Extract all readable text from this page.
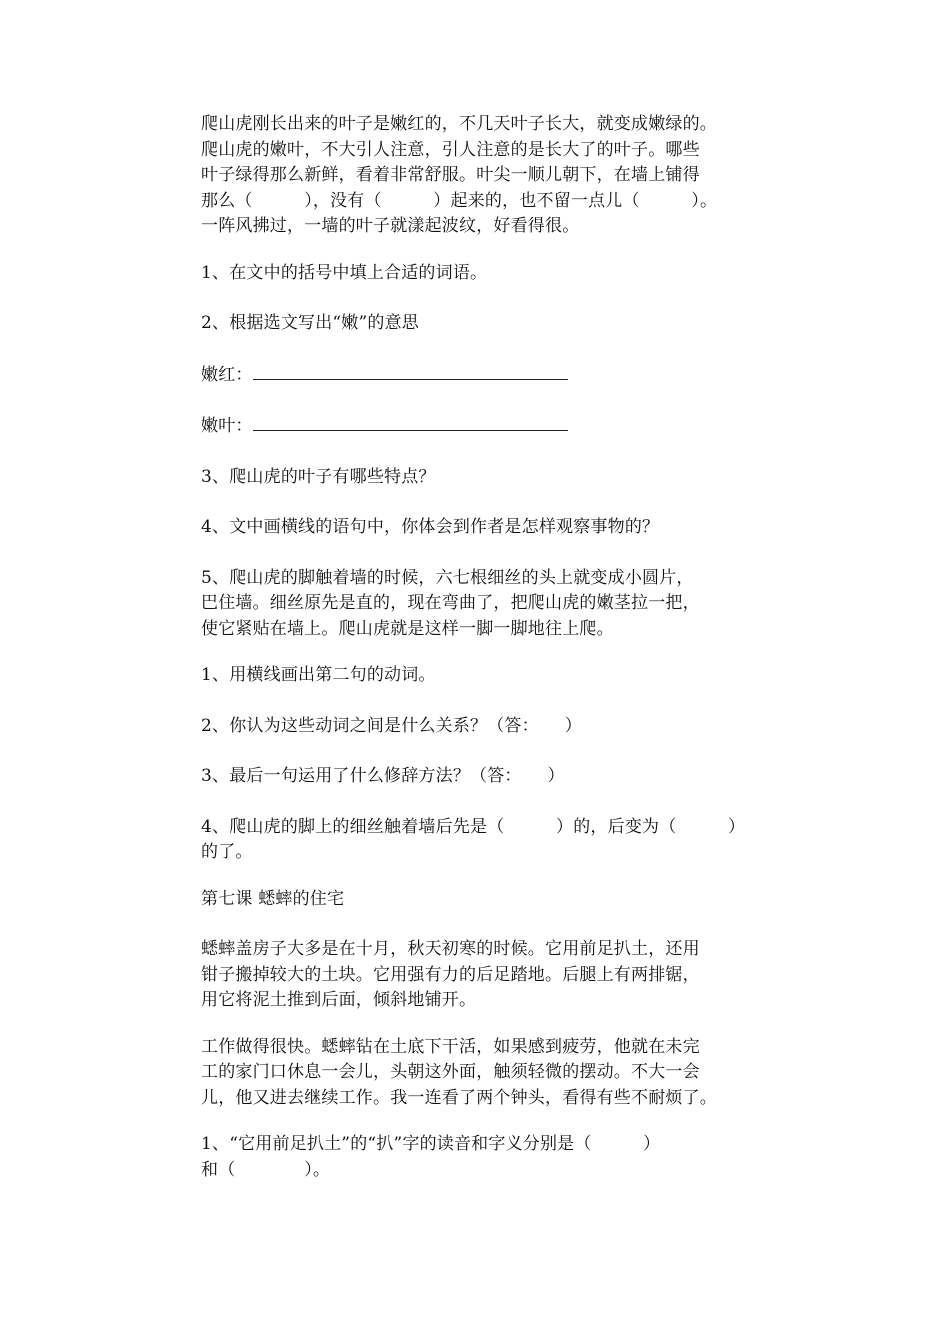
爬山虎刚长出来的叶子是嫩红的，不几天叶子长大，就变成嫩绿的。
爬山虎的嫩叶，不大引人注意，引人注意的是长大了的叶子。哪些
叶子绿得那么新鲜，看着非常舒服。叶尖一顺儿朝下，在墙上铺得
那么（　　　），没有（　　　）起来的，也不留一点儿（　　　）。
一阵风拂过，一墙的叶子就漾起波纹，好看得很。

1、在文中的括号中填上合适的词语。

2、根据选文写出“嫩”的意思

嫩红：

嫩叶：

3、爬山虎的叶子有哪些特点？

4、文中画横线的语句中，你体会到作者是怎样观察事物的？

5、爬山虎的脚触着墙的时候，六七根细丝的头上就变成小圆片，
巴住墙。细丝原先是直的，现在弯曲了，把爬山虎的嫩茎拉一把，
使它紧贴在墙上。爬山虎就是这样一脚一脚地往上爬。

1、用横线画出第二句的动词。

2、你认为这些动词之间是什么关系？（答：　　）

3、最后一句运用了什么修辞方法？（答：　　）

4、爬山虎的脚上的细丝触着墙后先是（　　　）的，后变为（　　　）
的了。

第七课 蟋蟀的住宅

蟋蟀盖房子大多是在十月，秋天初寒的时候。它用前足扒土，还用
钳子搬掉较大的土块。它用强有力的后足踏地。后腿上有两排锯，
用它将泥土推到后面，倾斜地铺开。

工作做得很快。蟋蟀钻在土底下干活，如果感到疲劳，他就在未完
工的家门口休息一会儿，头朝这外面，触须轻微的摆动。不大一会
儿，他又进去继续工作。我一连看了两个钟头，看得有些不耐烦了。

1、“它用前足扒土”的“扒”字的读音和字义分别是（　　　）
和（　　　　）。
